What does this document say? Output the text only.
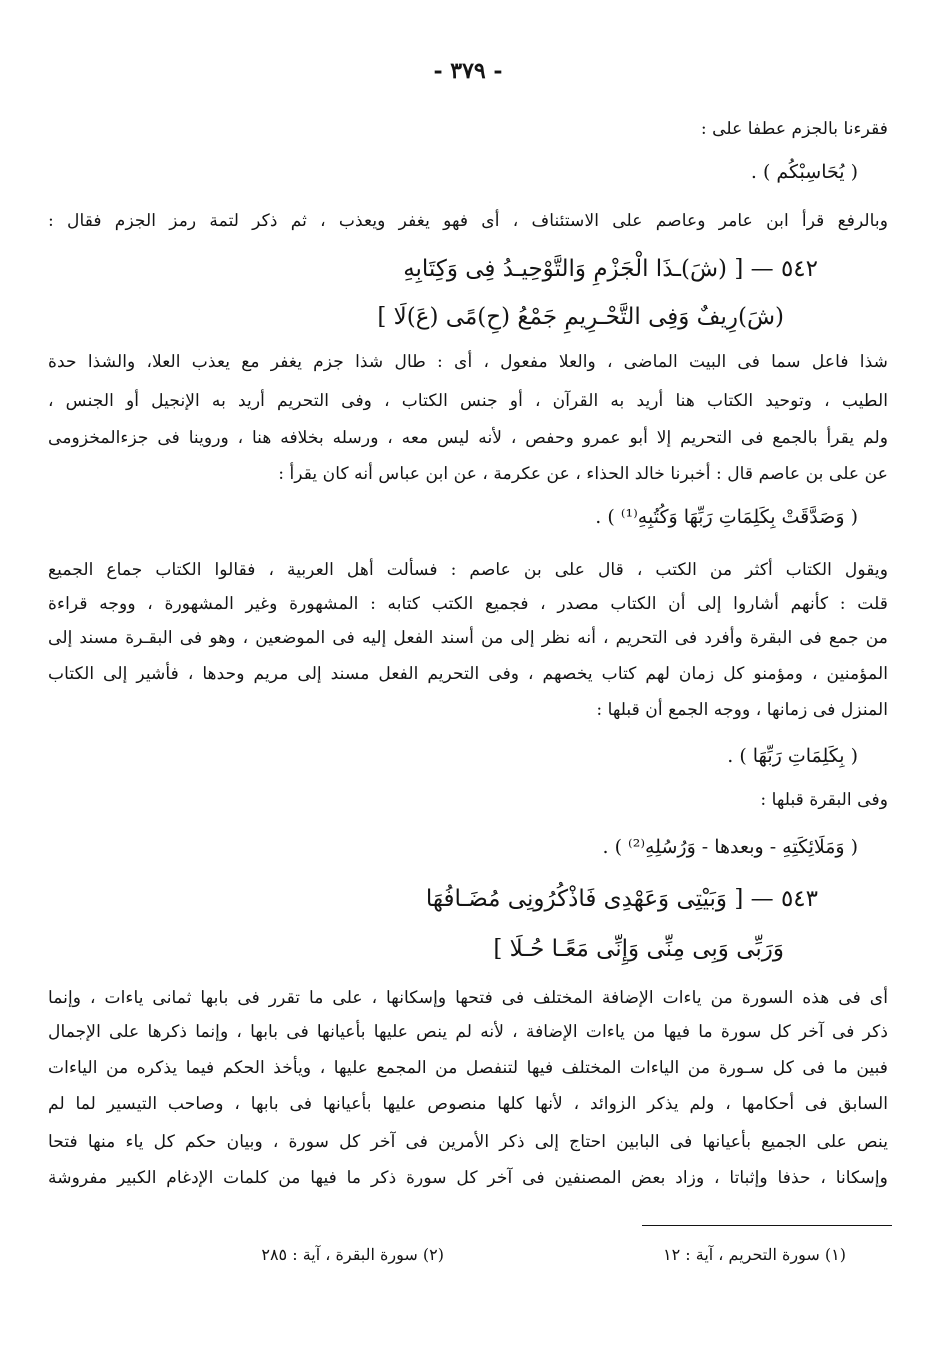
- ٣٧٩ -
فقرءنا بالجزم عطفا على :
( يُحَاسِبْكُم ) .
وبالرفع قرأ ابن عامر وعاصم على الاستئناف ، أى فهو يغفر ويعذب ، ثم ذكر لتمة رمز الجزم فقال :
٥٤٢ — [ (شَ)ـذَا الْجَزْمِ وَالتَّوْحِيـدُ فِى وَكِتَابِهِ
(شَ)رِيفٌ وَفِى التَّحْـرِيمِ جَمْعُ (حِ)مًى (عَ)لَا ]
شذا فاعل سما فى البيت الماضى ، والعلا مفعول ، أى : طال شذا جزم يغفر مع يعذب العلا، والشذا حدة
الطيب ، وتوحيد الكتاب هنا أريد به القرآن ، أو جنس الكتاب ، وفى التحريم أريد به الإنجيل أو الجنس ،
ولم يقرأ بالجمع فى التحريم إلا أبو عمرو وحفص ، لأنه ليس معه ، ورسله بخلافه هنا ، وروينا فى جزءالمخزومى
عن على بن عاصم قال : أخبرنا خالد الحذاء ، عن عكرمة ، عن ابن عباس أنه كان يقرأ :
( وَصَدَّقَتْ بِكَلِمَاتِ رَبِّهَا وَكُتُبِهِ⁽¹⁾ ) .
ويقول الكتاب أكثر من الكتب ، قال على بن عاصم : فسألت أهل العربية ، فقالوا الكتاب جماع الجميع
قلت : كأنهم أشاروا إلى أن الكتاب مصدر ، فجميع الكتب كتابه : المشهورة وغير المشهورة ، ووجه قراءة
من جمع فى البقرة وأفرد فى التحريم ، أنه نظر إلى من أسند الفعل إليه فى الموضعين ، وهو فى البقـرة مسند إلى
المؤمنين ، ومؤمنو كل زمان لهم كتاب يخصهم ، وفى التحريم الفعل مسند إلى مريم وحدها ، فأشير إلى الكتاب
المنزل فى زمانها ، ووجه الجمع أن قبلها :
( بِكَلِمَاتِ رَبِّهَا ) .
وفى البقرة قبلها :
( وَمَلَائِكَتِهِ - وبعدها - وَرُسُلِهِ⁽²⁾ ) .
٥٤٣ — [ وَبَيْتِى وَعَهْدِى فَاذْكُرُونِى مُضَـافُهَا
وَرَبِّى وَبِى مِنِّى وَإِنِّى مَعًـا حُـلَا ]
أى فى هذه السورة من ياءات الإضافة المختلف فى فتحها وإسكانها ، على ما تقرر فى بابها ثمانى ياءات ، وإنما
ذكر فى آخر كل سورة ما فيها من ياءات الإضافة ، لأنه لم ينص عليها بأعيانها فى بابها ، وإنما ذكرها على الإجمال
فبين ما فى كل سـورة من الياءات المختلف فيها لتنفصل من المجمع عليها ، ويأخذ الحكم فيما يذكره من الياءات
السابق فى أحكامها ، ولم يذكر الزوائد ، لأنها كلها منصوص عليها بأعيانها فى بابها ، وصاحب التيسير لما لم
ينص على الجميع بأعيانها فى البابين احتاج إلى ذكر الأمرين فى آخر كل سورة ، وبيان حكم كل ياء منها فتحا
وإسكانا ، حذفا وإثباتا ، وزاد بعض المصنفين فى آخر كل سورة ذكر ما فيها من كلمات الإدغام الكبير مفروشة
(١) سورة التحريم ، آية : ١٢
(٢) سورة البقرة ، آية : ٢٨٥
